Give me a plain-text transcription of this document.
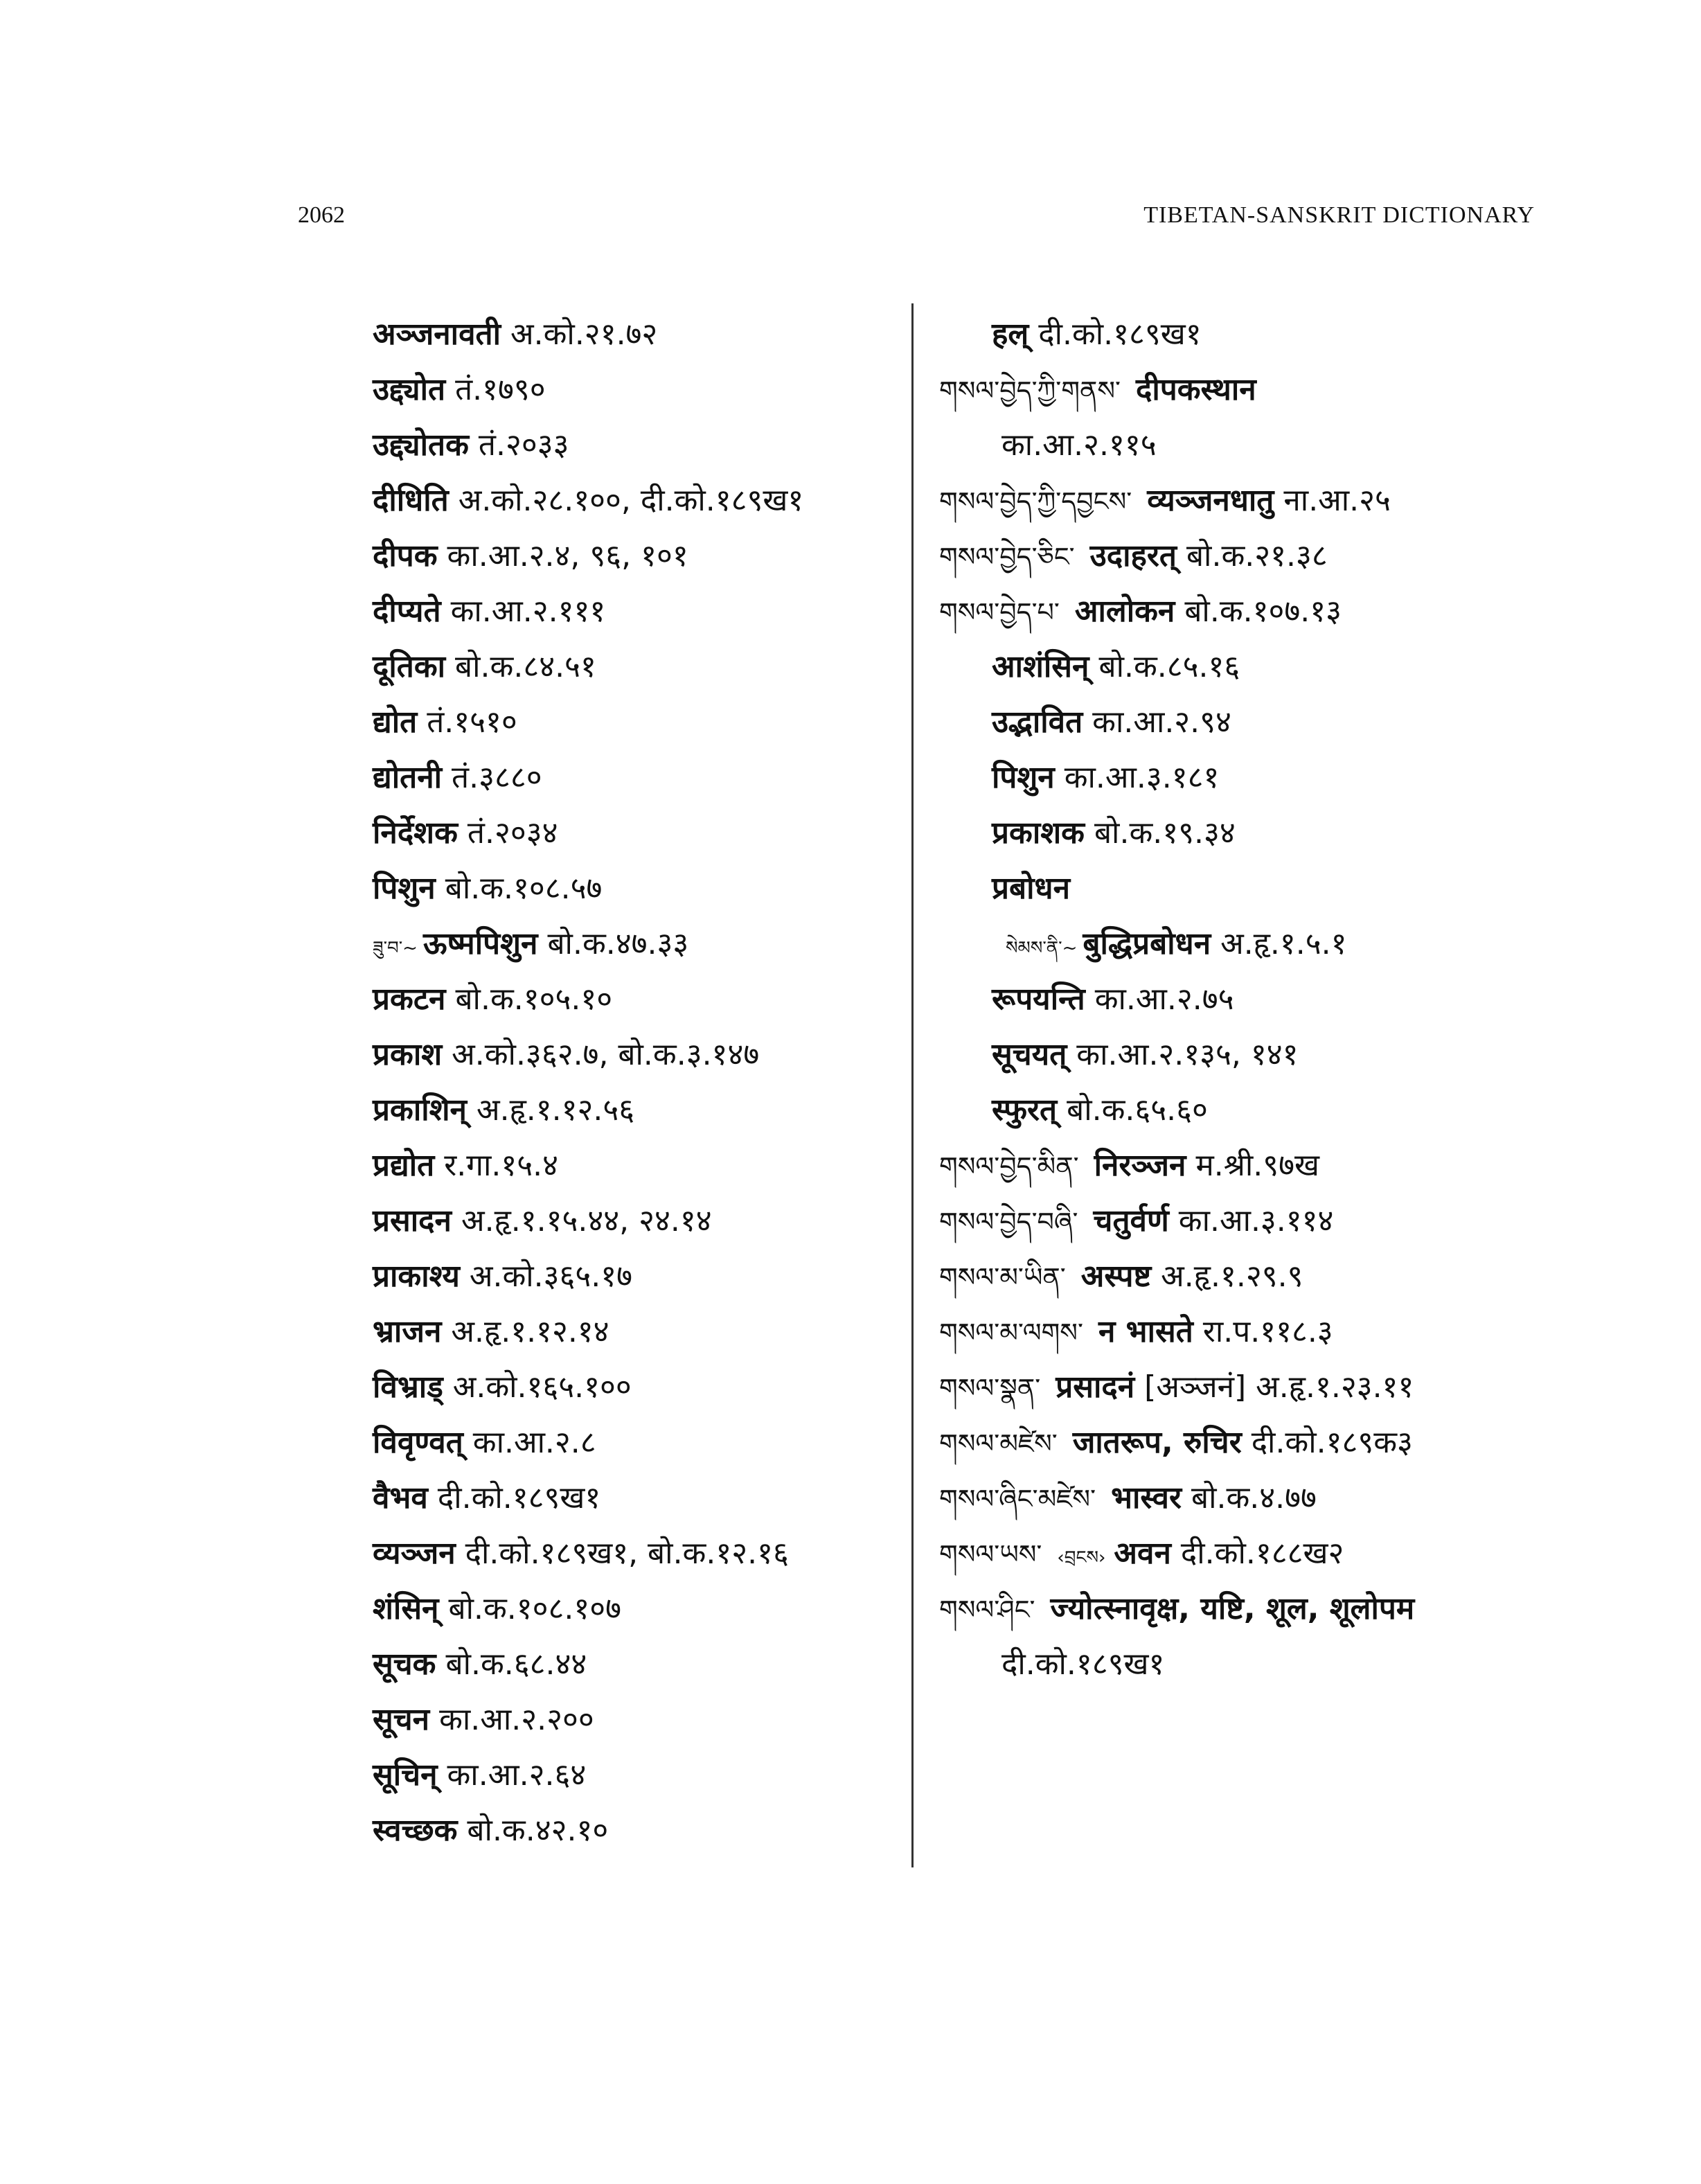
2062	TIBETAN-SANSKRIT DICTIONARY
अञ्जनावती अ.को.२१.७२
उद्द्योत तं.१७९०
उद्द्योतक तं.२०३३
दीधिति अ.को.२८.१००, दी.को.१८९ख१
दीपक का.आ.२.४, ९६, १०१
दीप्यते का.आ.२.१११
दूतिका बो.क.८४.५१
द्योत तं.१५१०
द्योतनी तं.३८८०
निर्देशक तं.२०३४
पिशुन बो.क.१०८.५७
ཟུ་བ་~ ऊष्मपिशुन बो.क.४७.३३
प्रकटन बो.क.१०५.१०
प्रकाश अ.को.३६२.७, बो.क.३.१४७
प्रकाशिन् अ.हृ.१.१२.५६
प्रद्योत र.गा.१५.४
प्रसादन अ.हृ.१.१५.४४, २४.१४
प्राकाश्य अ.को.३६५.१७
भ्राजन अ.हृ.१.१२.१४
विभ्राड् अ.को.१६५.१००
विवृण्वत् का.आ.२.८
वैभव दी.को.१८९ख१
व्यञ्जन दी.को.१८९ख१, बो.क.१२.१६
शंसिन् बो.क.१०८.१०७
सूचक बो.क.६८.४४
सूचन का.आ.२.२००
सूचिन् का.आ.२.६४
स्वच्छक बो.क.४२.१०
हल् दी.को.१८९ख१
གསལ་བྱེད་ཀྱི་གནས་ दीपकस्थान
का.आ.२.११५
གསལ་བྱེད་ཀྱི་དབྱངས་ व्यञ्जनधातु ना.आ.२५
གསལ་བྱེད་ཅིང་ उदाहरत् बो.क.२१.३८
གསལ་བྱེད་པ་ आलोकन बो.क.१०७.१३
आशंसिन् बो.क.८५.१६
उद्भावित का.आ.२.९४
पिशुन का.आ.३.१८१
प्रकाशक बो.क.१९.३४
प्रबोधन
སེམས་ནི་~ बुद्धिप्रबोधन अ.हृ.१.५.१
रूपयन्ति का.आ.२.७५
सूचयत् का.आ.२.१३५, १४१
स्फुरत् बो.क.६५.६०
གསལ་བྱེད་མིན་ निरञ्जन म.श्री.९७ख
གསལ་བྱེད་བཞི་ चतुर्वर्ण का.आ.३.११४
གསལ་མ་ཡིན་ अस्पष्ट अ.हृ.१.२९.९
གསལ་མ་ལགས་ न भासते रा.प.११८.३
གསལ་སྣན་ प्रसादनं [अञ्जनं] अ.हृ.१.२३.११
གསལ་མཛེས་ जातरूप, रुचिर दी.को.१८९क३
གསལ་ཞིང་མཛེས་ भास्वर बो.क.४.७७
གསལ་ཡས་ ‹བྲངས› अवन दी.को.१८८ख२
གསལ་ཤིང་ ज्योत्स्नावृक्ष, यष्टि, शूल, शूलोपम
दी.को.१८९ख१
